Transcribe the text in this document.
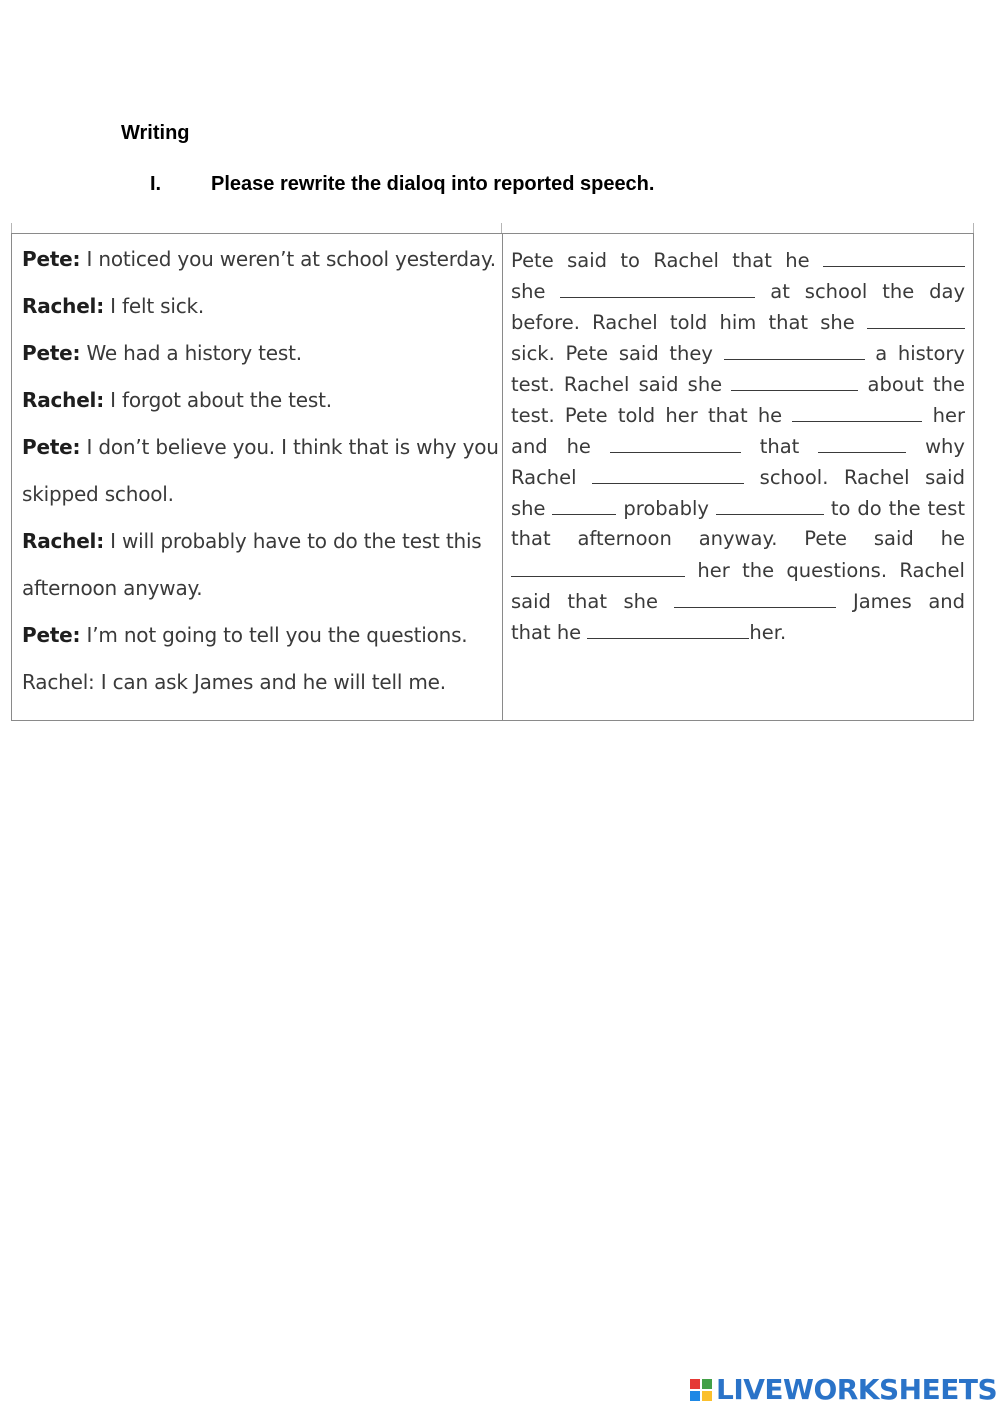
Writing
I. Please rewrite the dialoq into reported speech.
Pete: I noticed you weren’t at school yesterday.
Rachel: I felt sick.
Pete: We had a history test.
Rachel: I forgot about the test.
Pete: I don’t believe you. I think that is why you
skipped school.
Rachel: I will probably have to do the test this
afternoon anyway.
Pete: I’m not going to tell you the questions.
Rachel: I can ask James and he will tell me.
Pete said to Rachel that he
she	at school the day
before. Rachel told him that she
sick. Pete said they	a history
test. Rachel said she	about the
test. Pete told her that he	her
and he	that	why
Rachel	school. Rachel said
she	probably	to do the test
that afternoon anyway. Pete said he
her the questions. Rachel
said that she	James and
that
he
	her.
LIVEWORKSHEETS
